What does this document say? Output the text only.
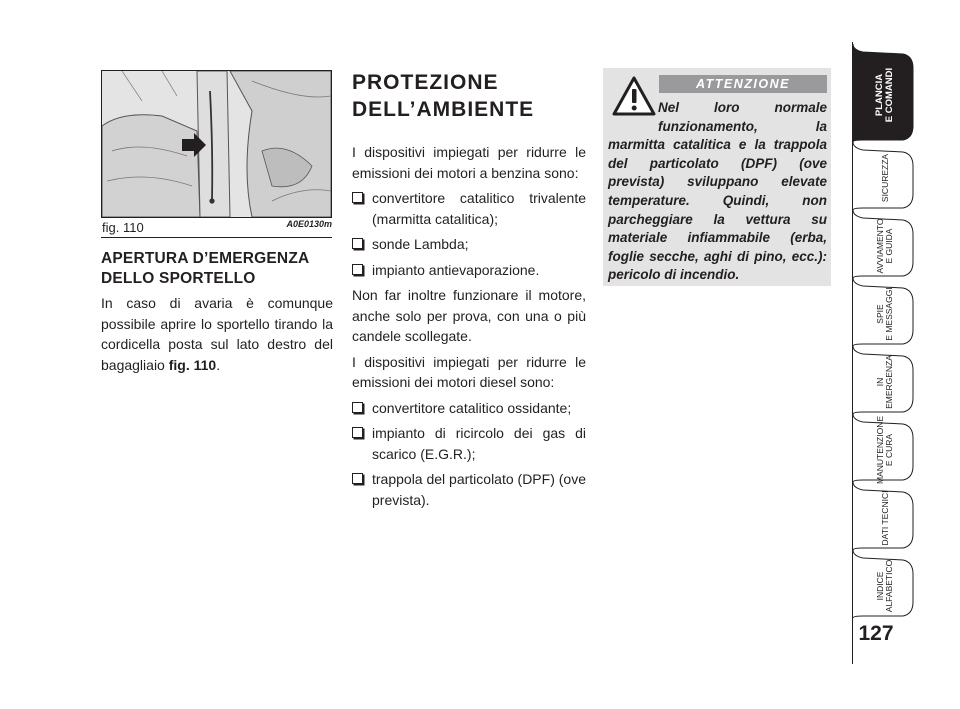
fig. 110	A0E0130m
APERTURA D’EMERGENZA
DELLO SPORTELLO

In caso di avaria è comunque possibile aprire lo sportello tirando la cordicella posta sul lato destro del bagagliaio fig. 110.

PROTEZIONE
DELL’AMBIENTE

I dispositivi impiegati per ridurre le emissioni dei motori a benzina sono:

convertitore catalitico trivalente (marmitta catalitica);
sonde Lambda;
impianto antievaporazione.

Non far inoltre funzionare il motore, anche solo per prova, con una o più candele scollegate.

I dispositivi impiegati per ridurre le emissioni dei motori diesel sono:

convertitore catalitico ossidante;
impianto di ricircolo dei gas di scarico (E.G.R.);
trappola del particolato (DPF) (ove prevista).
ATTENZIONE

Nel loro normale funzionamento, la marmitta catalitica e la trappola del particolato (DPF) (ove prevista) sviluppano elevate temperature. Quindi, non parcheggiare la vettura su materiale infiammabile (erba, foglie secche, aghi di pino, ecc.): pericolo di incendio.

PLANCIA E COMANDI
SICUREZZA
AVVIAMENTO E GUIDA
SPIE E MESSAGGI
IN EMERGENZA
MANUTENZIONE E CURA
DATI TECNICI
INDICE ALFABETICO
127
